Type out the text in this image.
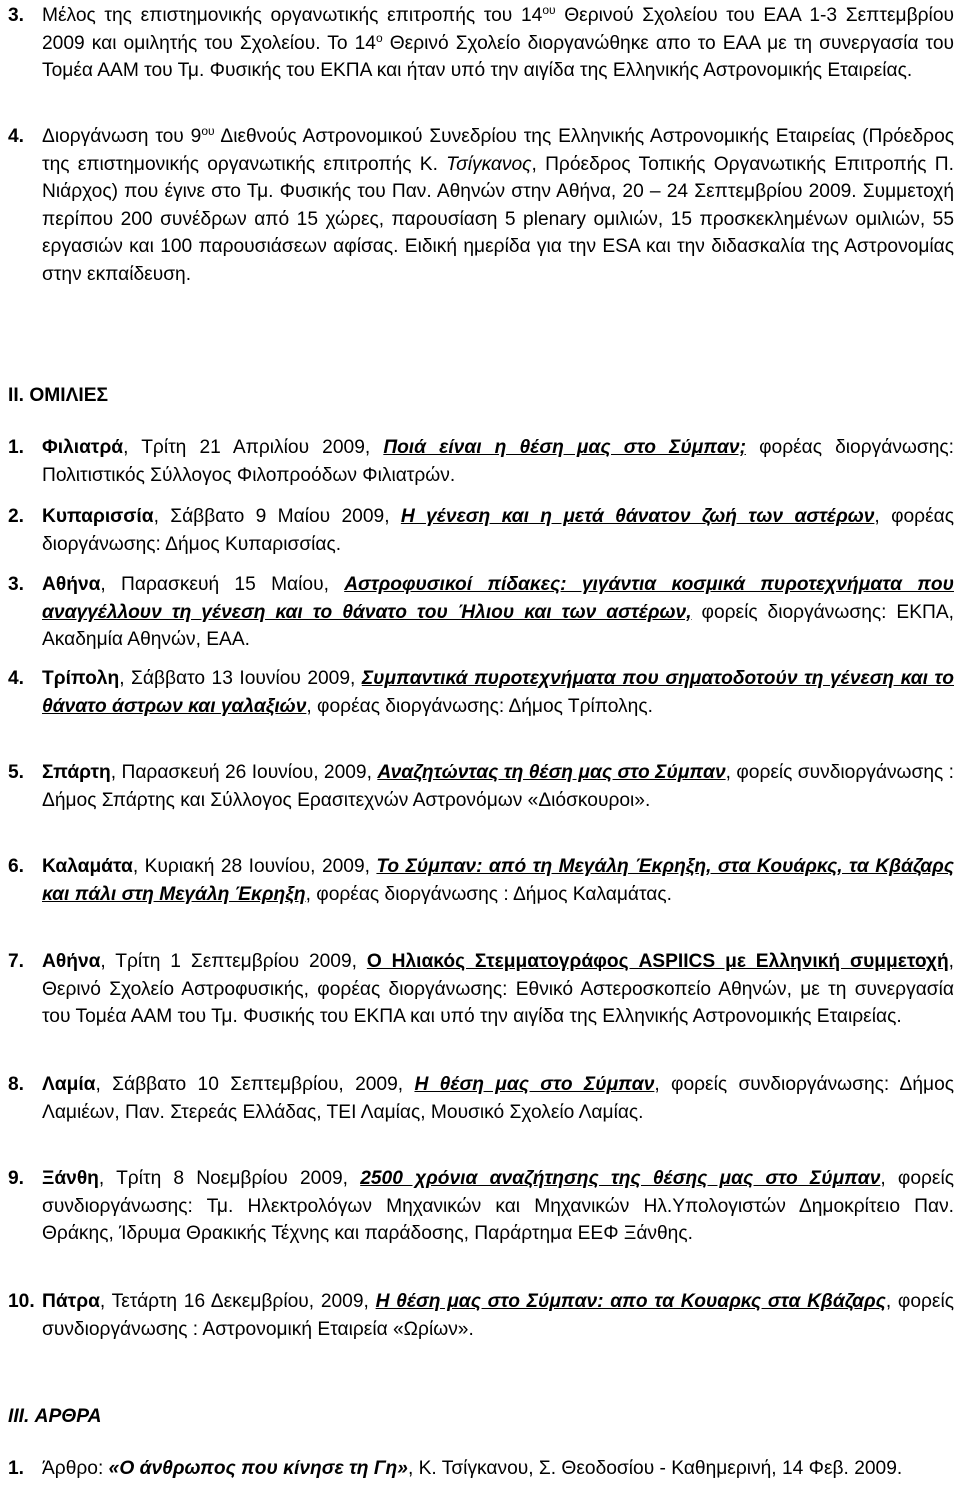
3. Μέλος της επιστημονικής οργανωτικής επιτροπής του $14^{o\upsilon}$ Θερινού Σχολείου του ΕΑΑ 1-3 Σεπτεμβρίου 2009 και ομιλητής του Σχολείου. Το $14^o$ Θερινό Σχολείο διοργανώθηκε απο το ΕΑΑ με τη συνεργασία του Τομέα ΑΑΜ του Τμ. Φυσικής του ΕΚΠΑ και ήταν υπό την αιγίδα της Ελληνικής Αστρονομικής Εταιρείας.
4. Διοργάνωση του $9^{o\upsilon}$ Διεθνούς Αστρονομικού Συνεδρίου της Ελληνικής Αστρονομικής Εταιρείας (Πρόεδρος της επιστημονικής οργανωτικής επιτροπής Κ. Τσίγκανος, Πρόεδρος Τοπικής Οργανωτικής Επιτροπής Π. Νιάρχος) που έγινε στο Τμ. Φυσικής του Παν. Αθηνών στην Αθήνα, 20 – 24 Σεπτεμβρίου 2009. Συμμετοχή περίπου 200 συνέδρων από 15 χώρες, παρουσίαση 5 plenary ομιλιών, 15 προσκεκλημένων ομιλιών, 55 εργασιών και 100 παρουσιάσεων αφίσας. Ειδική ημερίδα για την ESA και την διδασκαλία της Αστρονομίας στην εκπαίδευση.
II. ΟΜΙΛΙΕΣ
1. Φιλιατρά, Τρίτη 21 Απριλίου 2009, Ποιά είναι η θέση μας στο Σύμπαν; φορέας διοργάνωσης: Πολιτιστικός Σύλλογος Φιλοπροόδων Φιλιατρών.
2. Κυπαρισσία, Σάββατο 9 Μαίου 2009, Η γένεση και η μετά θάνατον ζωή των αστέρων, φορέας διοργάνωσης: Δήμος Κυπαρισσίας.
3. Αθήνα, Παρασκευή 15 Μαίου, Αστροφυσικοί πίδακες: γιγάντια κοσμικά πυροτεχνήματα που αναγγέλλουν τη γένεση και το θάνατο του Ήλιου και των αστέρων, φορείς διοργάνωσης: ΕΚΠΑ, Ακαδημία Αθηνών, ΕΑΑ.
4. Τρίπολη, Σάββατο 13 Ιουνίου 2009, Συμπαντικά πυροτεχνήματα που σηματοδοτούν τη γένεση και το θάνατο άστρων και γαλαξιών, φορέας διοργάνωσης: Δήμος Τρίπολης.
5. Σπάρτη, Παρασκευή 26 Ιουνίου, 2009, Αναζητώντας τη θέση μας στο Σύμπαν, φορείς συνδιοργάνωσης : Δήμος Σπάρτης και Σύλλογος Ερασιτεχνών Αστρονόμων «Διόσκουροι».
6. Καλαμάτα, Κυριακή 28 Ιουνίου, 2009, Το Σύμπαν: από τη Μεγάλη Έκρηξη, στα Κουάρκς, τα Κβάζαρς και πάλι στη Μεγάλη Έκρηξη, φορέας διοργάνωσης : Δήμος Καλαμάτας.
7. Αθήνα, Τρίτη 1 Σεπτεμβρίου 2009, Ο Ηλιακός Στεμματογράφος ASPIICS με Ελληνική συμμετοχή, Θερινό Σχολείο Αστροφυσικής, φορέας διοργάνωσης: Εθνικό Αστεροσκοπείο Αθηνών, με τη συνεργασία του Τομέα ΑΑΜ του Τμ. Φυσικής του ΕΚΠΑ και υπό την αιγίδα της Ελληνικής Αστρονομικής Εταιρείας.
8. Λαμία, Σάββατο 10 Σεπτεμβρίου, 2009, Η θέση μας στο Σύμπαν, φορείς συνδιοργάνωσης: Δήμος Λαμιέων, Παν. Στερεάς Ελλάδας, ΤΕΙ Λαμίας, Μουσικό Σχολείο Λαμίας.
9. Ξάνθη, Τρίτη 8 Νοεμβρίου 2009, 2500 χρόνια αναζήτησης της θέσης μας στο Σύμπαν, φορείς συνδιοργάνωσης: Τμ. Ηλεκτρολόγων Μηχανικών και Μηχανικών Ηλ.Υπολογιστών Δημοκρίτειο Παν. Θράκης, Ίδρυμα Θρακικής Τέχνης και παράδοσης, Παράρτημα ΕΕΦ Ξάνθης.
10. Πάτρα, Τετάρτη 16 Δεκεμβρίου, 2009, Η θέση μας στο Σύμπαν: απο τα Κουαρκς στα Κβάζαρς, φορείς συνδιοργάνωσης : Αστρονομική Εταιρεία «Ωρίων».
III. ΑΡΘΡΑ
1. Άρθρο: «Ο άνθρωπος που κίνησε τη Γη», Κ. Τσίγκανου, Σ. Θεοδοσίου - Καθημερινή, 14 Φεβ. 2009.
